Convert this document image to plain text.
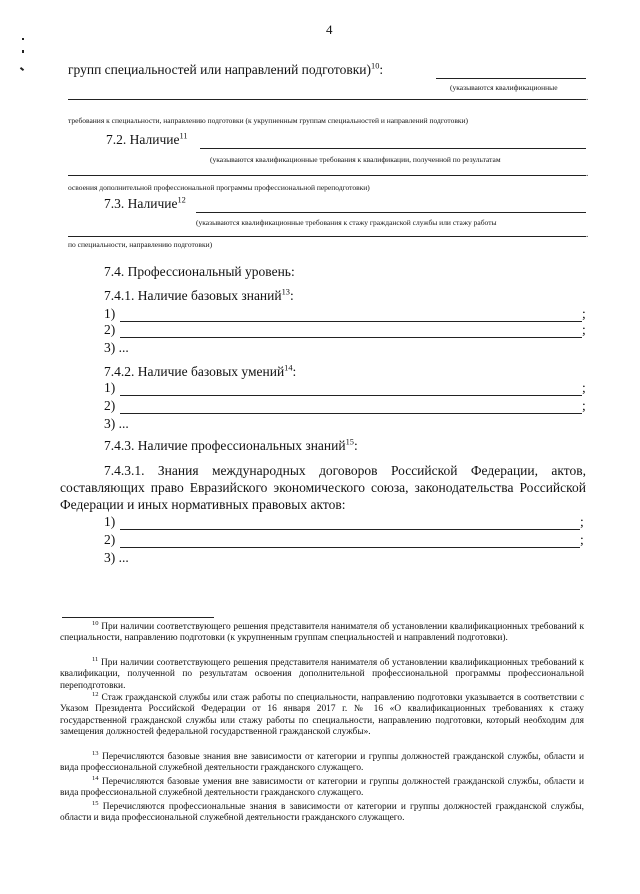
4
групп специальностей или направлений подготовки)$^{10}$:
(указываются квалификационные
.
требования к специальности, направлению подготовки (к укрупненным группам специальностей и направлений подготовки)
7.2. Наличие$^{11}$
(указываются квалификационные требования к квалификации, полученной по результатам
.
освоения дополнительной профессиональной программы профессиональной переподготовки)
7.3. Наличие$^{12}$
(указываются квалификационные требования к стажу гражданской службы или стажу работы
.
по специальности, направлению подготовки)
7.4. Профессиональный уровень:
7.4.1. Наличие базовых знаний$^{13}$:
1)	;
2)	;
3) ...
7.4.2. Наличие базовых умений$^{14}$:
1)	;
2)	;
3) ...
7.4.3. Наличие профессиональных знаний$^{15}$:
7.4.3.1. Знания международных договоров Российской Федерации, актов, составляющих право Евразийского экономического союза, законодательства Российской Федерации и иных нормативных правовых актов:
1)	;
2)	;
3) ...
$^{10}$ При наличии соответствующего решения представителя нанимателя об установлении квалификационных требований к специальности, направлению подготовки (к укрупненным группам специальностей и направлений подготовки).
$^{11}$ При наличии соответствующего решения представителя нанимателя об установлении квалификационных требований к квалификации, полученной по результатам освоения дополнительной профессиональной программы профессиональной переподготовки.
$^{12}$ Стаж гражданской службы или стаж работы по специальности, направлению подготовки указывается в соответствии с Указом Президента Российской Федерации от 16 января 2017 г. № 16 «О квалификационных требованиях к стажу государственной гражданской службы или стажу работы по специальности, направлению подготовки, который необходим для замещения должностей федеральной государственной гражданской службы».
$^{13}$ Перечисляются базовые знания вне зависимости от категории и группы должностей гражданской службы, области и вида профессиональной служебной деятельности гражданского служащего.
$^{14}$ Перечисляются базовые умения вне зависимости от категории и группы должностей гражданской службы, области и вида профессиональной служебной деятельности гражданского служащего.
$^{15}$ Перечисляются профессиональные знания в зависимости от категории и группы должностей гражданской службы, области и вида профессиональной служебной деятельности гражданского служащего.
